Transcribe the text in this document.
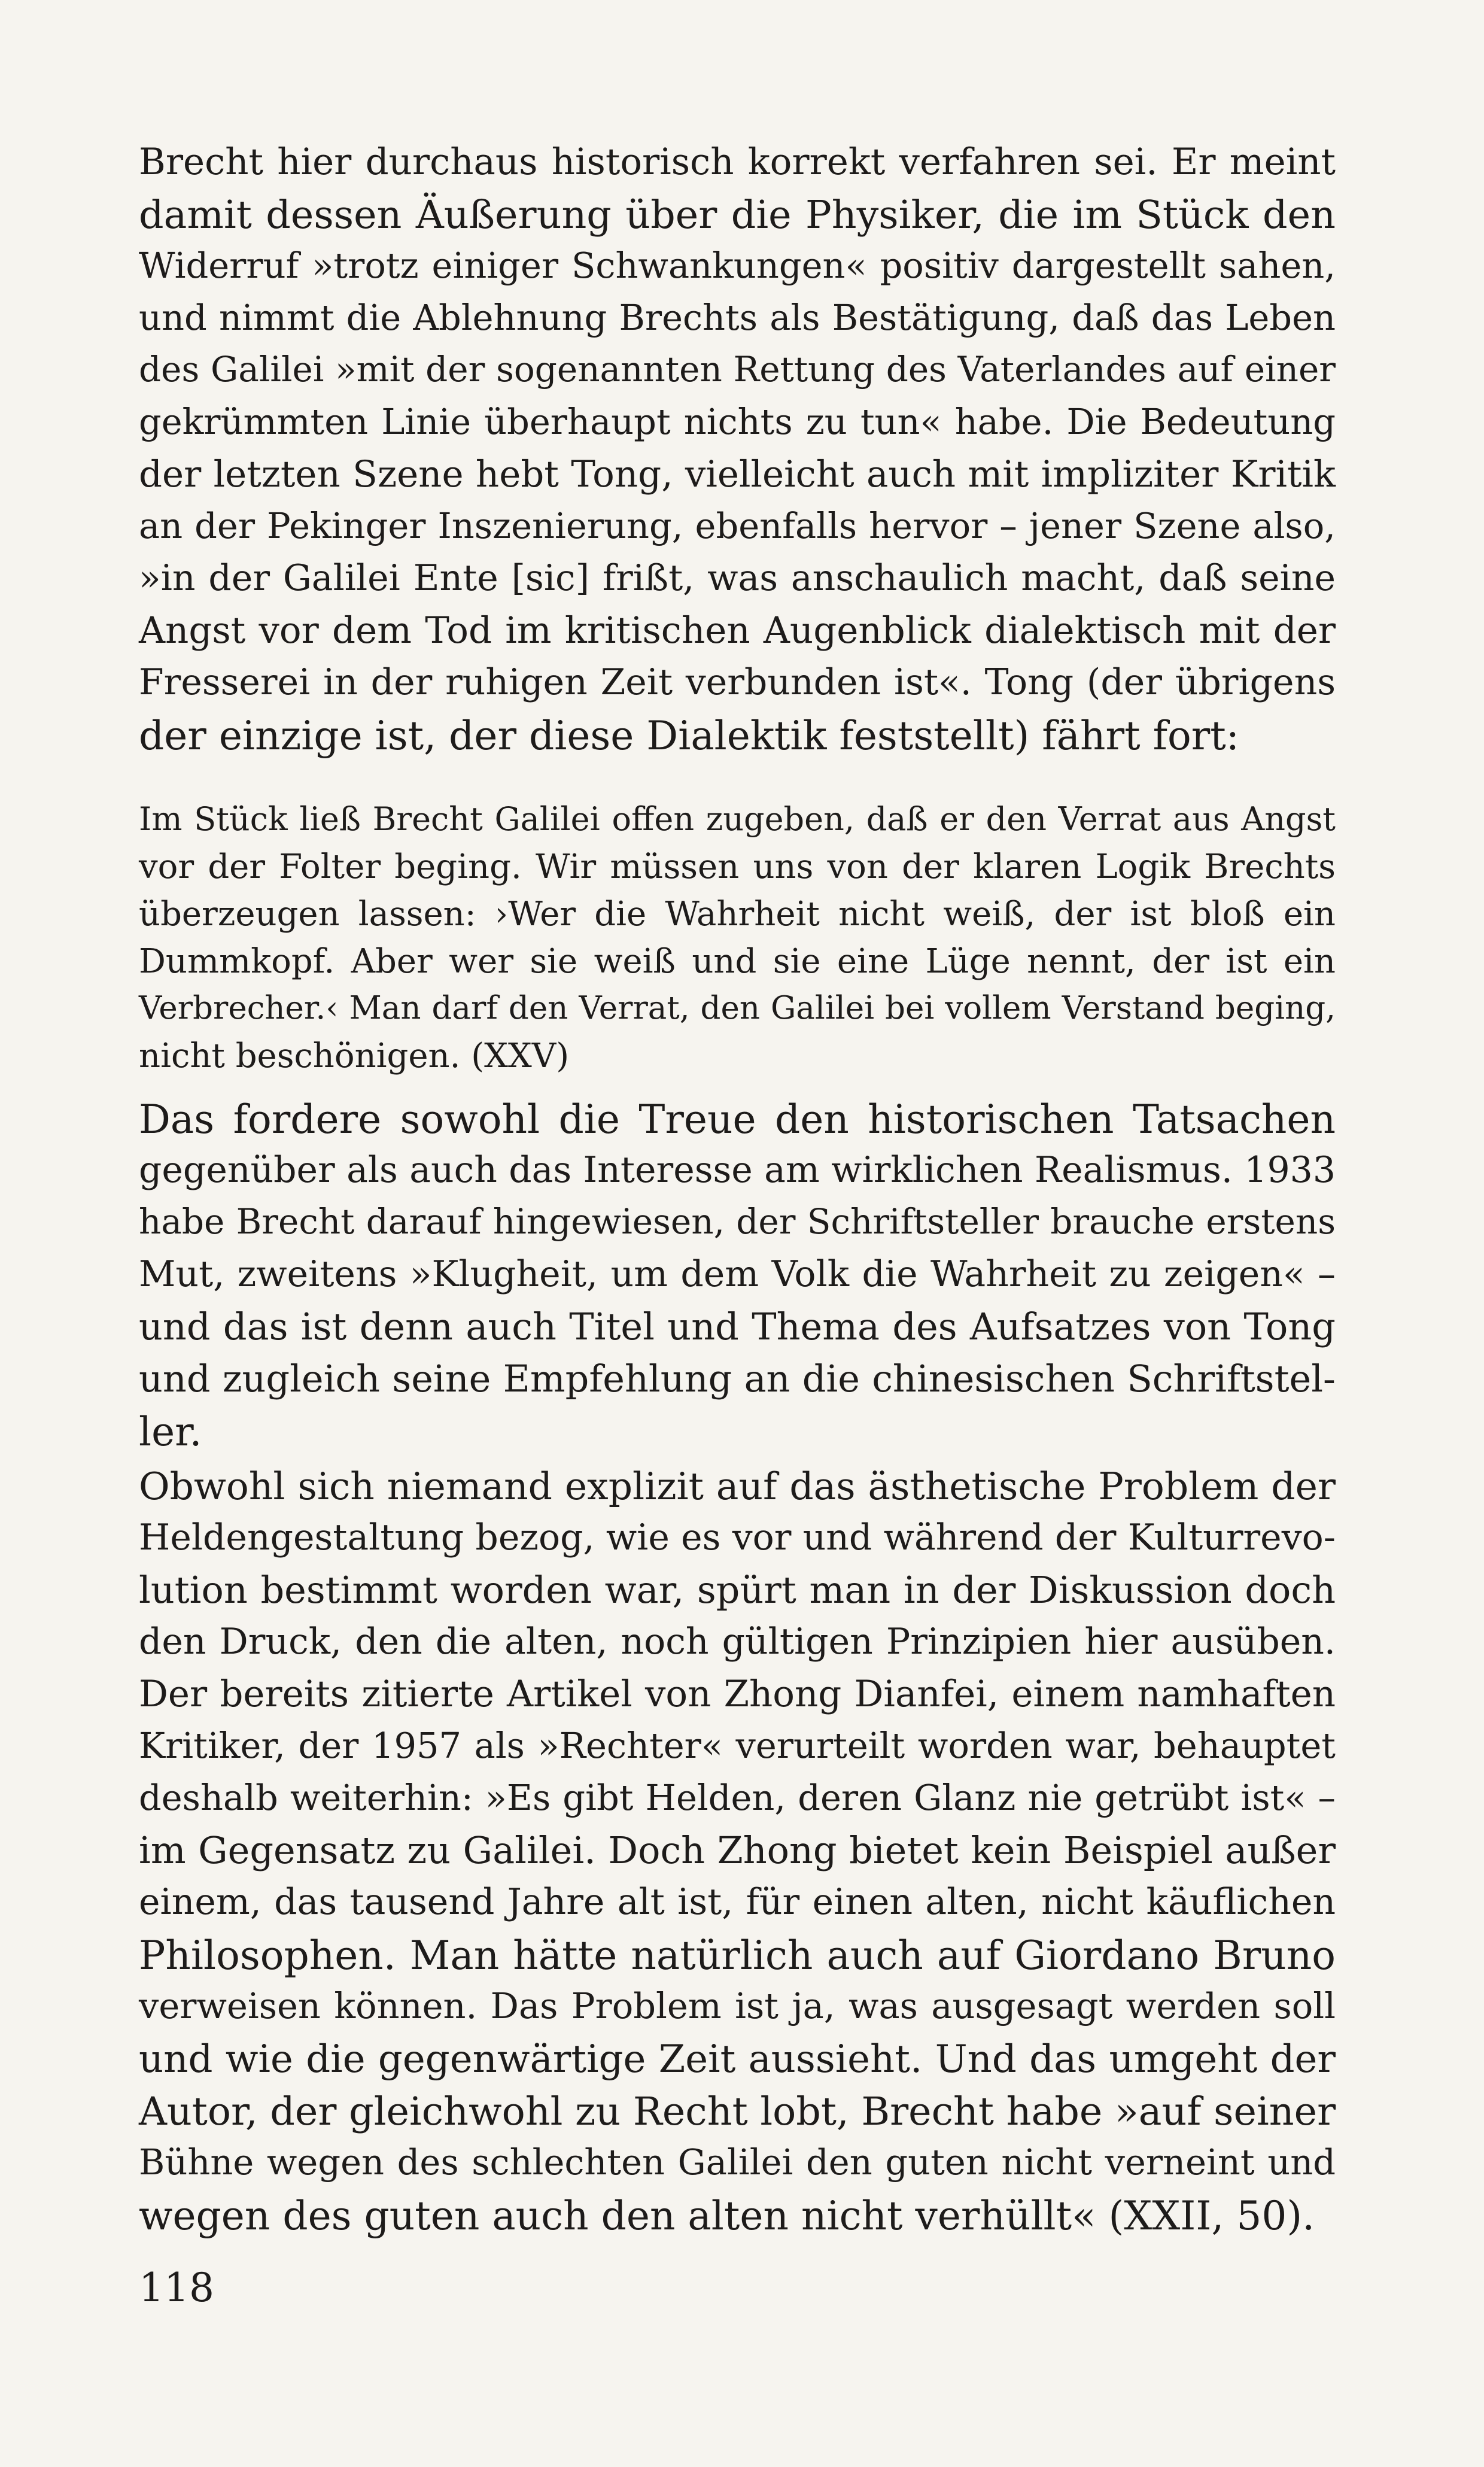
Brecht hier durchaus historisch korrekt verfahren sei. Er meint
damit dessen Äußerung über die Physiker, die im Stück den
Widerruf »trotz einiger Schwankungen« positiv dargestellt sahen,
und nimmt die Ablehnung Brechts als Bestätigung, daß das Leben
des Galilei »mit der sogenannten Rettung des Vaterlandes auf einer
gekrümmten Linie überhaupt nichts zu tun« habe. Die Bedeutung
der letzten Szene hebt Tong, vielleicht auch mit impliziter Kritik
an der Pekinger Inszenierung, ebenfalls hervor – jener Szene also,
»in der Galilei Ente [sic] frißt, was anschaulich macht, daß seine
Angst vor dem Tod im kritischen Augenblick dialektisch mit der
Fresserei in der ruhigen Zeit verbunden ist«. Tong (der übrigens
der einzige ist, der diese Dialektik feststellt) fährt fort:
Im Stück ließ Brecht Galilei offen zugeben, daß er den Verrat aus Angst
vor der Folter beging. Wir müssen uns von der klaren Logik Brechts
überzeugen lassen: ›Wer die Wahrheit nicht weiß, der ist bloß ein
Dummkopf. Aber wer sie weiß und sie eine Lüge nennt, der ist ein
Verbrecher.‹ Man darf den Verrat, den Galilei bei vollem Verstand beging,
nicht beschönigen. (XXV)
Das fordere sowohl die Treue den historischen Tatsachen
gegenüber als auch das Interesse am wirklichen Realismus. 1933
habe Brecht darauf hingewiesen, der Schriftsteller brauche erstens
Mut, zweitens »Klugheit, um dem Volk die Wahrheit zu zeigen« –
und das ist denn auch Titel und Thema des Aufsatzes von Tong
und zugleich seine Empfehlung an die chinesischen Schriftstel-
ler.
Obwohl sich niemand explizit auf das ästhetische Problem der
Heldengestaltung bezog, wie es vor und während der Kulturrevo-
lution bestimmt worden war, spürt man in der Diskussion doch
den Druck, den die alten, noch gültigen Prinzipien hier ausüben.
Der bereits zitierte Artikel von Zhong Dianfei, einem namhaften
Kritiker, der 1957 als »Rechter« verurteilt worden war, behauptet
deshalb weiterhin: »Es gibt Helden, deren Glanz nie getrübt ist« –
im Gegensatz zu Galilei. Doch Zhong bietet kein Beispiel außer
einem, das tausend Jahre alt ist, für einen alten, nicht käuflichen
Philosophen. Man hätte natürlich auch auf Giordano Bruno
verweisen können. Das Problem ist ja, was ausgesagt werden soll
und wie die gegenwärtige Zeit aussieht. Und das umgeht der
Autor, der gleichwohl zu Recht lobt, Brecht habe »auf seiner
Bühne wegen des schlechten Galilei den guten nicht verneint und
wegen des guten auch den alten nicht verhüllt« (XXII, 50).
118
